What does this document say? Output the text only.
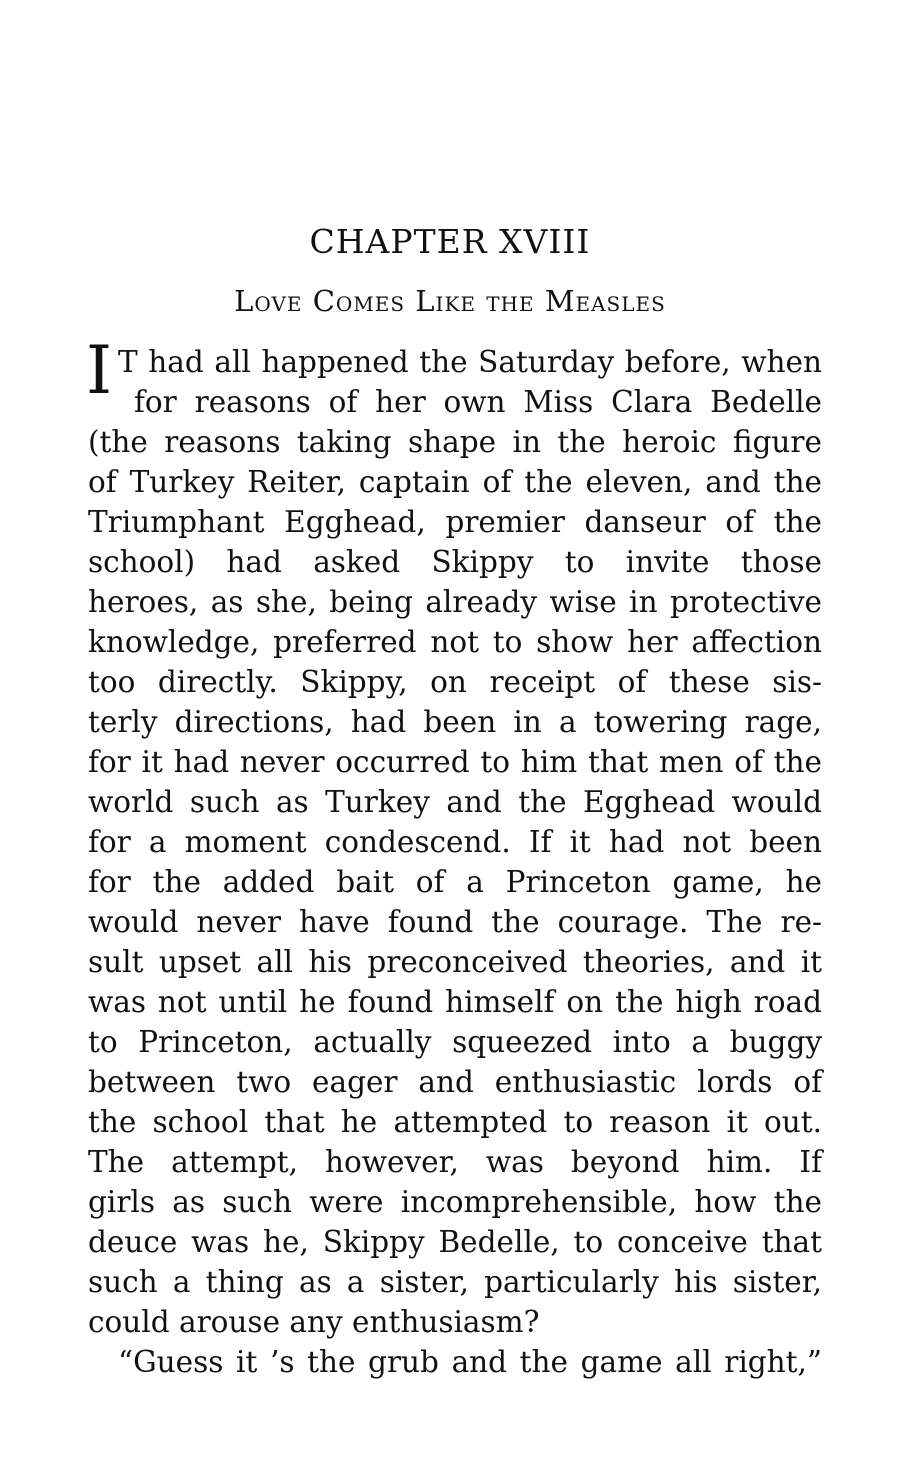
CHAPTER XVIII
Love Comes Like the Measles
I T had all happened the Saturday before, when
for reasons of her own Miss Clara Bedelle
(the reasons taking shape in the heroic figure
of Turkey Reiter, captain of the eleven, and the
Triumphant Egghead, premier danseur of the
school) had asked Skippy to invite those
heroes, as she, being already wise in protective
knowledge, preferred not to show her affection
too directly. Skippy, on receipt of these sis-
terly directions, had been in a towering rage,
for it had never occurred to him that men of the
world such as Turkey and the Egghead would
for a moment condescend. If it had not been
for the added bait of a Princeton game, he
would never have found the courage. The re-
sult upset all his preconceived theories, and it
was not until he found himself on the high road
to Princeton, actually squeezed into a buggy
between two eager and enthusiastic lords of
the school that he attempted to reason it out.
The attempt, however, was beyond him. If
girls as such were incomprehensible, how the
deuce was he, Skippy Bedelle, to conceive that
such a thing as a sister, particularly his sister,
could arouse any enthusiasm?
“Guess it ’s the grub and the game all right,”
